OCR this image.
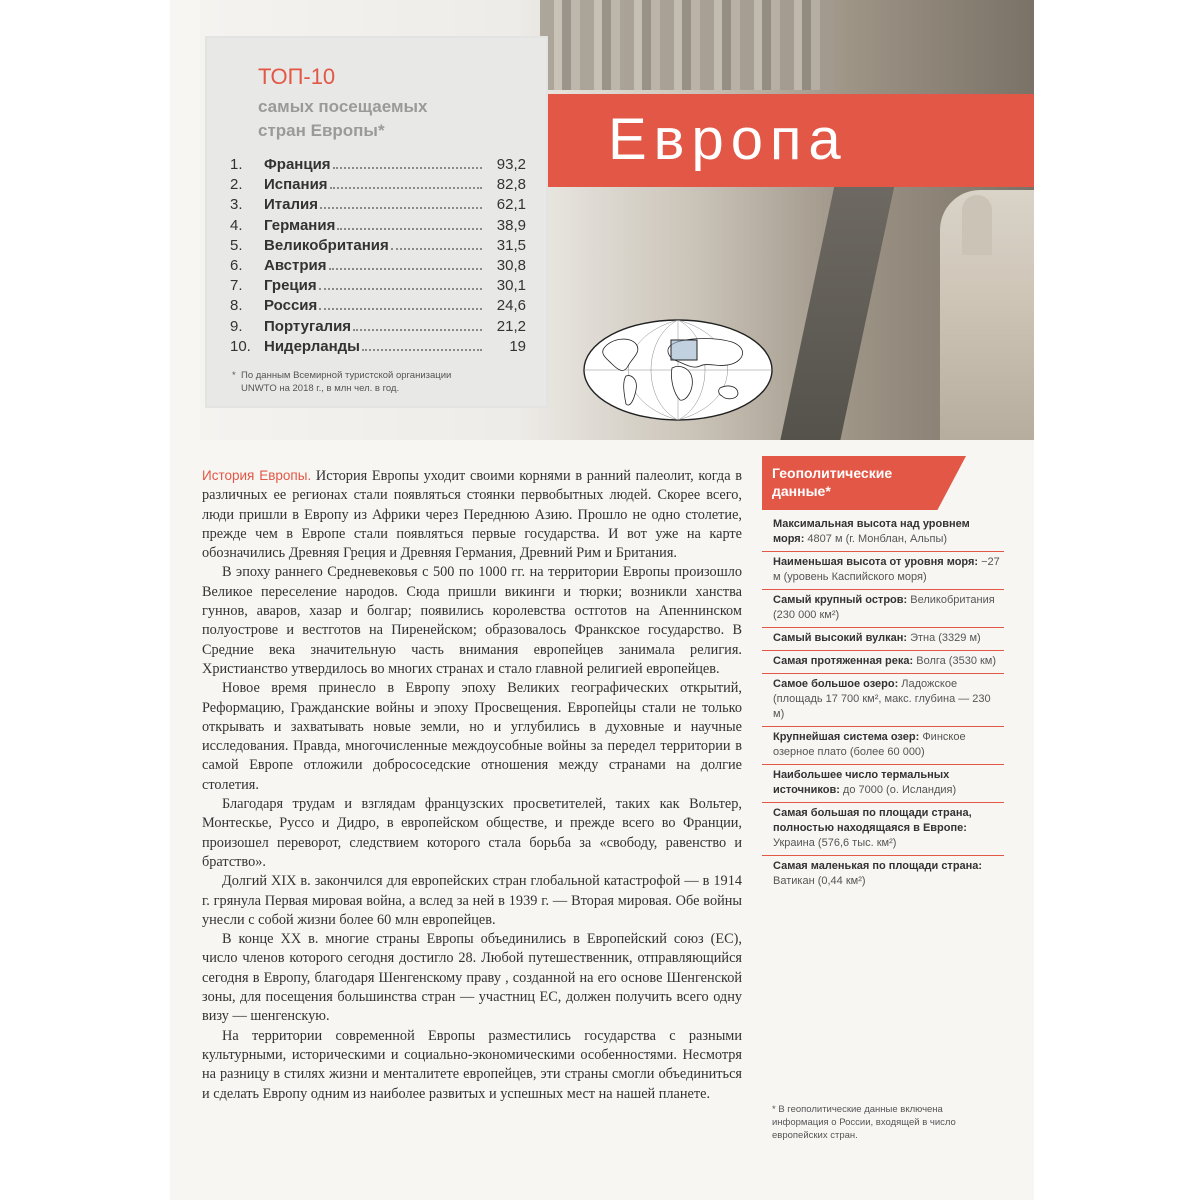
Европа
ТОП-10
самых посещаемых
стран Европы*
1.	Франция	93,2
2.	Испания	82,8
3.	Италия	62,1
4.	Германия	38,9
5.	Великобритания	31,5
6.	Австрия	30,8
7.	Греция	30,1
8.	Россия	24,6
9.	Португалия	21,2
10. Нидерланды	19
* По данным Всемирной туристской организации
UNWTO на 2018 г., в млн чел. в год.

История Европы. История Европы уходит своими корнями в ранний палеолит, когда в различных ее регионах стали появляться стоянки первобытных людей. Скорее всего, люди пришли в Европу из Африки через Переднюю Азию. Прошло не одно столетие, прежде чем в Европе стали появляться первые государства. И вот уже на карте обозначились Древняя Греция и Древняя Германия, Древний Рим и Британия.

В эпоху раннего Средневековья с 500 по 1000 гг. на территории Европы произошло Великое переселение народов. Сюда пришли викинги и тюрки; возникли ханства гуннов, аваров, хазар и болгар; появились королевства остготов на Апеннинском полуострове и вестготов на Пиренейском; образовалось Франкское государство. В Средние века значительную часть внимания европейцев занимала религия. Христианство утвердилось во многих странах и стало главной религией европейцев.

Новое время принесло в Европу эпоху Великих географических открытий, Реформацию, Гражданские войны и эпоху Просвещения. Европейцы стали не только открывать и захватывать новые земли, но и углубились в духовные и научные исследования. Правда, многочисленные междоусобные войны за передел территории в самой Европе отложили добрососедские отношения между странами на долгие столетия.

Благодаря трудам и взглядам французских просветителей, таких как Вольтер, Монтескье, Руссо и Дидро, в европейском обществе, и прежде всего во Франции, произошел переворот, следствием которого стала борьба за «свободу, равенство и братство».

Долгий XIX в. закончился для европейских стран глобальной катастрофой — в 1914 г. грянула Первая мировая война, а вслед за ней в 1939 г. — Вторая мировая. Обе войны унесли с собой жизни более 60 млн европейцев.

В конце XX в. многие страны Европы объединились в Европейский союз (ЕС), число членов которого сегодня достигло 28. Любой путешественник, отправляющийся сегодня в Европу, благодаря Шенгенскому праву , созданной на его основе Шенгенской зоны, для посещения большинства стран — участниц ЕС, должен получить всего одну визу — шенгенскую.

На территории современной Европы разместились государства с разными культурными, историческими и социально-экономическими особенностями. Несмотря на разницу в стилях жизни и менталитете европейцев, эти страны смогли объединиться и сделать Европу одним из наиболее развитых и успешных мест на нашей планете.

Геополитические данные*
Максимальная высота над уровнем моря: 4807 м (г. Монблан, Альпы)
Наименьшая высота от уровня моря: −27 м (уровень Каспийского моря)
Самый крупный остров: Великобритания (230 000 км²)
Самый высокий вулкан: Этна (3329 м)
Самая протяженная река: Волга (3530 км)
Самое большое озеро: Ладожское (площадь 17 700 км², макс. глубина — 230 м)
Крупнейшая система озер: Финское озерное плато (более 60 000)
Наибольшее число термальных источников: до 7000 (о. Исландия)
Самая большая по площади страна, полностью находящаяся в Европе: Украина (576,6 тыс. км²)
Самая маленькая по площади страна: Ватикан (0,44 км²)
* В геополитические данные включена информация о России, входящей в число европейских стран.
